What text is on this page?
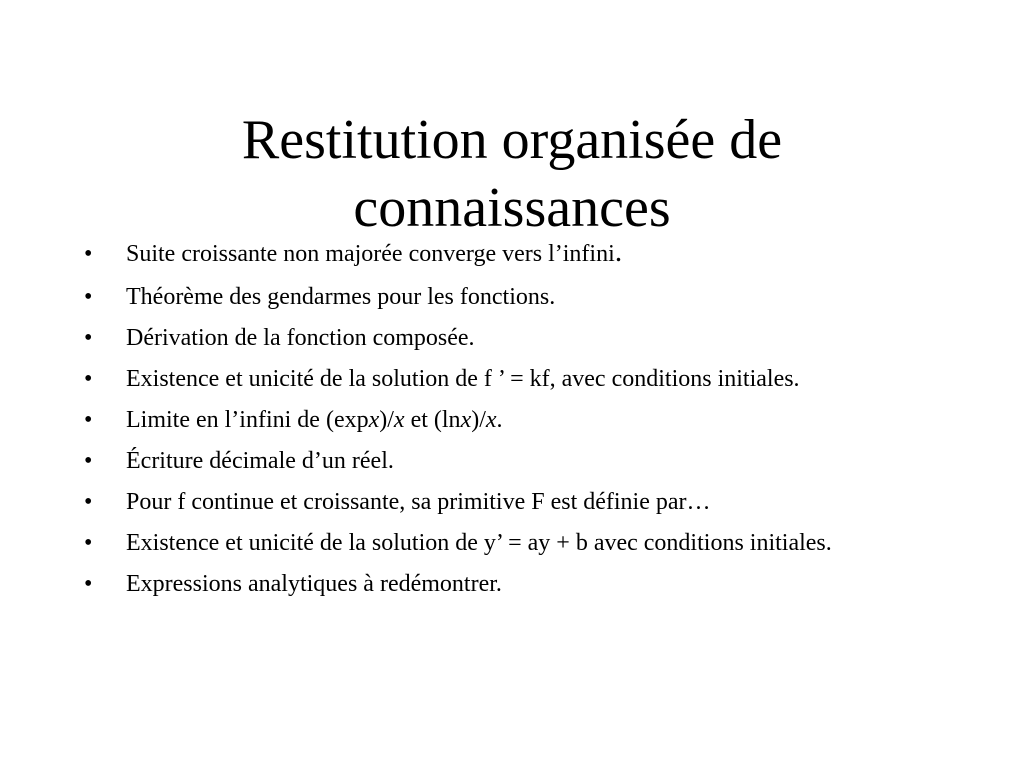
Restitution organisée de
connaissances
•	Suite croissante non majorée converge vers l’infini.
•	Théorème des gendarmes pour les fonctions.
•	Dérivation de la fonction composée.
•	Existence et unicité de la solution de f ’ = kf, avec conditions initiales.
•	Limite en l’infini de (expx)/x et (lnx)/x.
•	Écriture décimale d’un réel.
•	Pour f continue et croissante, sa primitive F est définie par…
•	Existence et unicité de la solution de y’ = ay + b avec conditions initiales.
•	Expressions analytiques à redémontrer.
